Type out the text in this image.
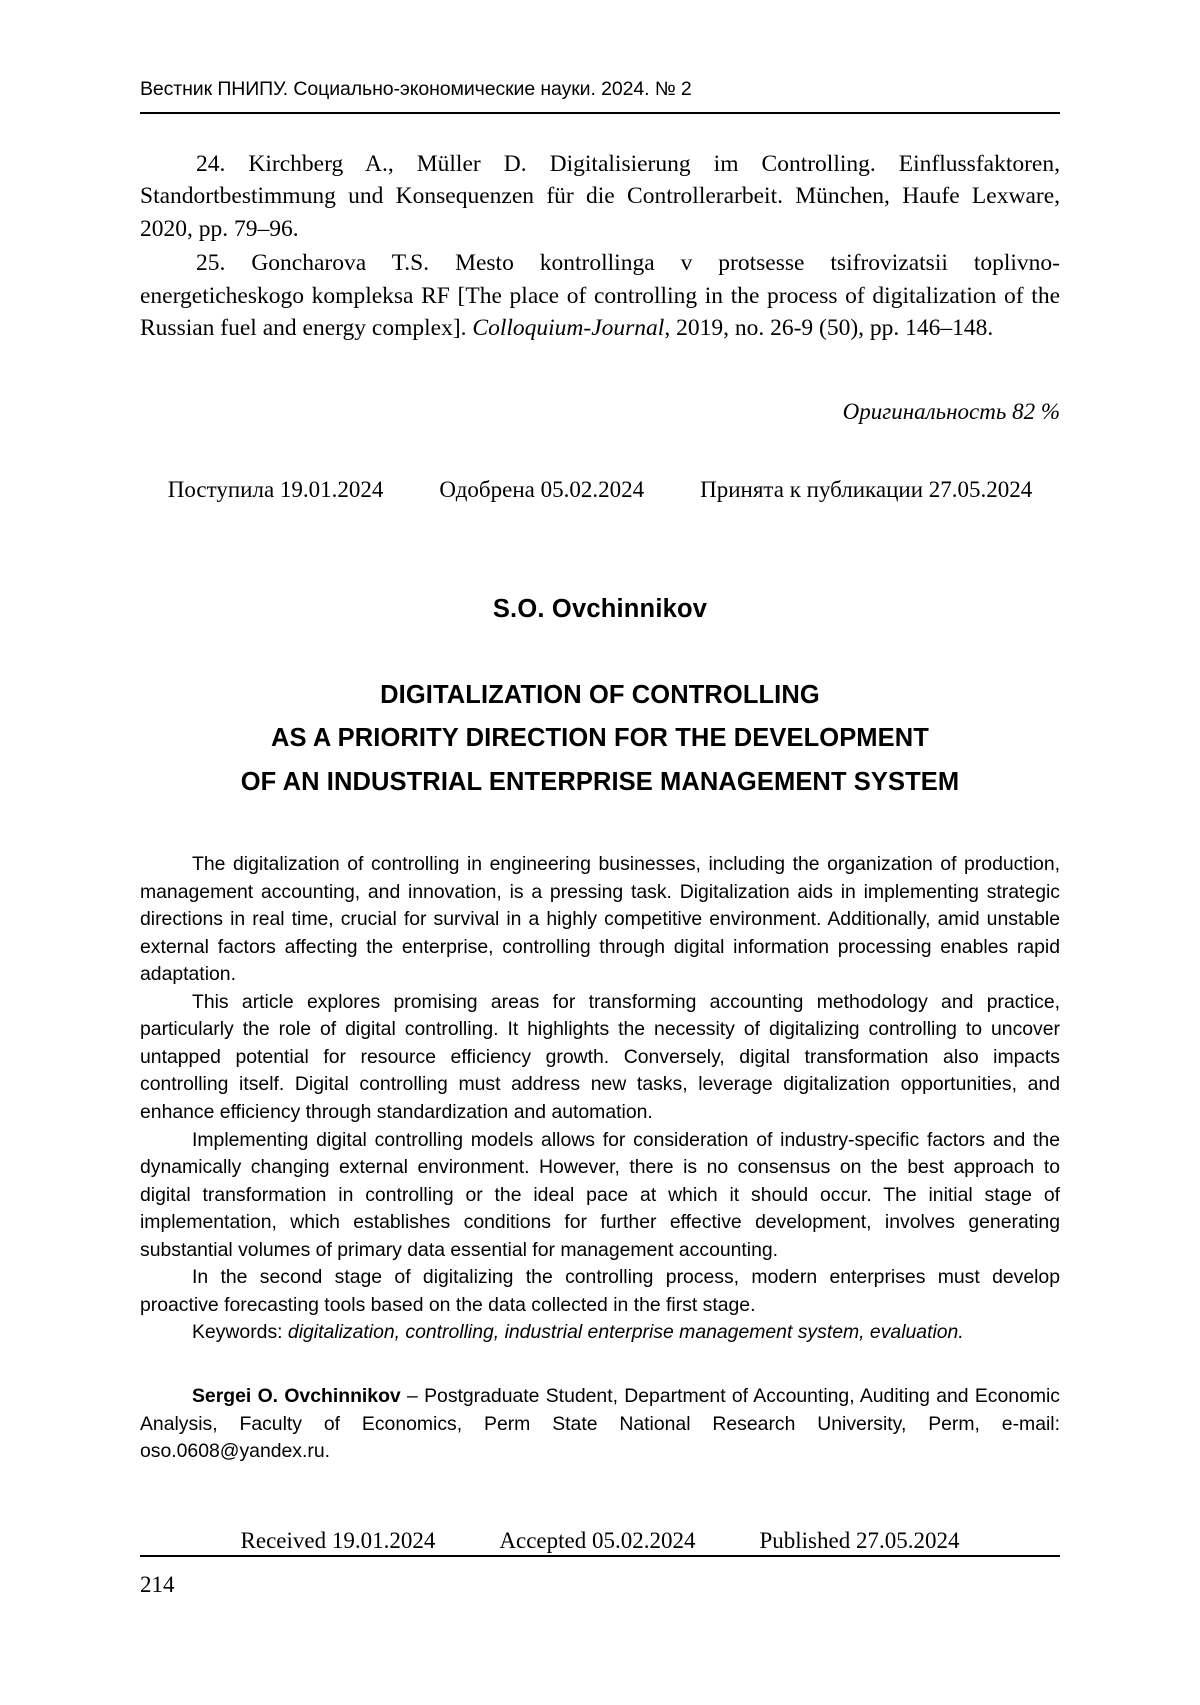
Вестник ПНИПУ. Социально-экономические науки. 2024. № 2

24. Kirchberg A., Müller D. Digitalisierung im Controlling. Einflussfaktoren, Standortbestimmung und Konsequenzen für die Controllerarbeit. München, Haufe Lexware, 2020, pp. 79–96.

25. Goncharova T.S. Mesto kontrollinga v protsesse tsifrovizatsii toplivno-energeticheskogo kompleksa RF [The place of controlling in the process of digitalization of the Russian fuel and energy complex]. Colloquium-Journal, 2019, no. 26-9 (50), pp. 146–148.

Оригинальность 82 %
Поступила 19.01.2024 Одобрена 05.02.2024 Принята к публикации 27.05.2024
S.O. Ovchinnikov
DIGITALIZATION OF CONTROLLING
AS A PRIORITY DIRECTION FOR THE DEVELOPMENT
OF AN INDUSTRIAL ENTERPRISE MANAGEMENT SYSTEM

The digitalization of controlling in engineering businesses, including the organization of production, management accounting, and innovation, is a pressing task. Digitalization aids in implementing strategic directions in real time, crucial for survival in a highly competitive environment. Additionally, amid unstable external factors affecting the enterprise, controlling through digital information processing enables rapid adaptation.

This article explores promising areas for transforming accounting methodology and practice, particularly the role of digital controlling. It highlights the necessity of digitalizing controlling to uncover untapped potential for resource efficiency growth. Conversely, digital transformation also impacts controlling itself. Digital controlling must address new tasks, leverage digitalization opportunities, and enhance efficiency through standardization and automation.

Implementing digital controlling models allows for consideration of industry-specific factors and the dynamically changing external environment. However, there is no consensus on the best approach to digital transformation in controlling or the ideal pace at which it should occur. The initial stage of implementation, which establishes conditions for further effective development, involves generating substantial volumes of primary data essential for management accounting.

In the second stage of digitalizing the controlling process, modern enterprises must develop proactive forecasting tools based on the data collected in the first stage.

Keywords: digitalization, controlling, industrial enterprise management system, evaluation.

Sergei O. Ovchinnikov – Postgraduate Student, Department of Accounting, Auditing and Economic Analysis, Faculty of Economics, Perm State National Research University, Perm, e-mail: oso.0608@yandex.ru.

Received 19.01.2024	Accepted 05.02.2024	Published 27.05.2024
214
